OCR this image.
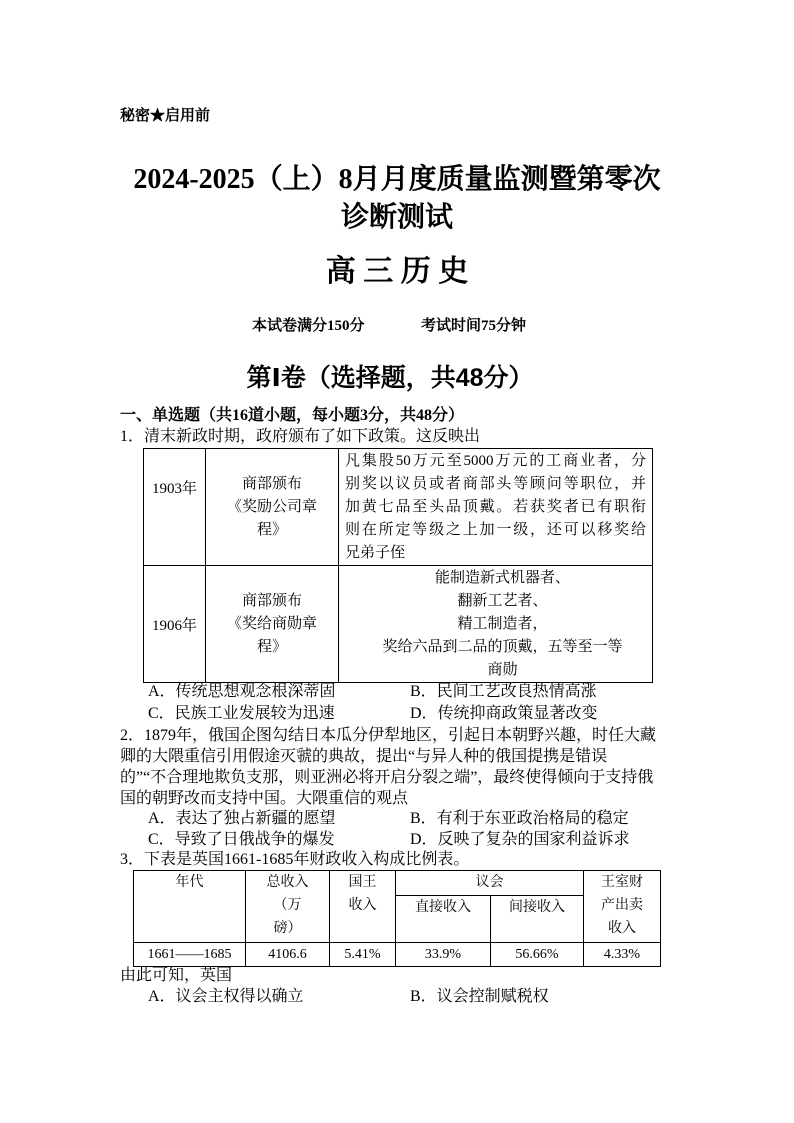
秘密★启用前
2024-2025（上）8月月度质量监测暨第零次
诊断测试
高 三 历 史
本试卷满分150分	考试时间75分钟
第Ⅰ卷（选择题，共48分）
一、单选题（共16道小题，每小题3分，共48分）
1．清末新政时期，政府颁布了如下政策。这反映出
1903年	商部颁布
《奖励公司章
程》	凡集股50万元至5000万元的工商业者，分
别奖以议员或者商部头等顾问等职位，并
加黄七品至头品顶戴。若获奖者已有职衔
则在所定等级之上加一级，还可以移奖给
兄弟子侄

1906年	商部颁布
《奖给商勋章
程》	能制造新式机器者、
翻新工艺者、
精工制造者，
奖给六品到二品的顶戴，五等至一等
商勋
A．传统思想观念根深蒂固	B．民间工艺改良热情高涨
C．民族工业发展较为迅速	D．传统抑商政策显著改变
2．1879年，俄国企图勾结日本瓜分伊犁地区，引起日本朝野兴趣，时任大藏
卿的大隈重信引用假途灭虢的典故，提出“与异人种的俄国提携是错误
的”“不合理地欺负支那，则亚洲必将开启分裂之端”，最终使得倾向于支持俄
国的朝野改而支持中国。大隈重信的观点
A．表达了独占新疆的愿望	B．有利于东亚政治格局的稳定
C．导致了日俄战争的爆发	D．反映了复杂的国家利益诉求
3．下表是英国1661-1685年财政收入构成比例表。
年代	总收入
（万
磅）	国王
收入	议会		王室财
产出卖
收入

			直接收入	间接收入	
1661——1685	4106.6	5.41%	33.9%	56.66%	4.33%
由此可知，英国
A．议会主权得以确立	B．议会控制赋税权
